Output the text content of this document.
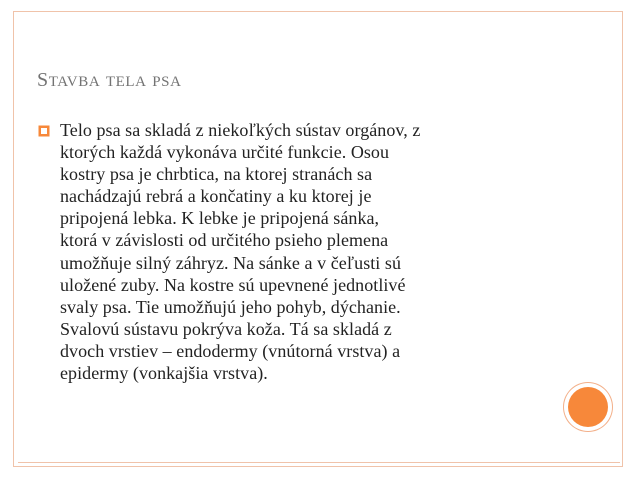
STAVBA TELA PSA

Telo psa sa skladá z niekoľkých sústav orgánov, z
ktorých každá vykonáva určité funkcie. Osou
kostry psa je chrbtica, na ktorej stranách sa
nachádzajú rebrá a končatiny a ku ktorej je
pripojená lebka. K lebke je pripojená sánka,
ktorá v závislosti od určitého psieho plemena
umožňuje silný záhryz. Na sánke a v čeľusti sú
uložené zuby. Na kostre sú upevnené jednotlivé
svaly psa. Tie umožňujú jeho pohyb, dýchanie.
Svalovú sústavu pokrýva koža. Tá sa skladá z
dvoch vrstiev – endodermy (vnútorná vrstva) a
epidermy (vonkajšia vrstva).
